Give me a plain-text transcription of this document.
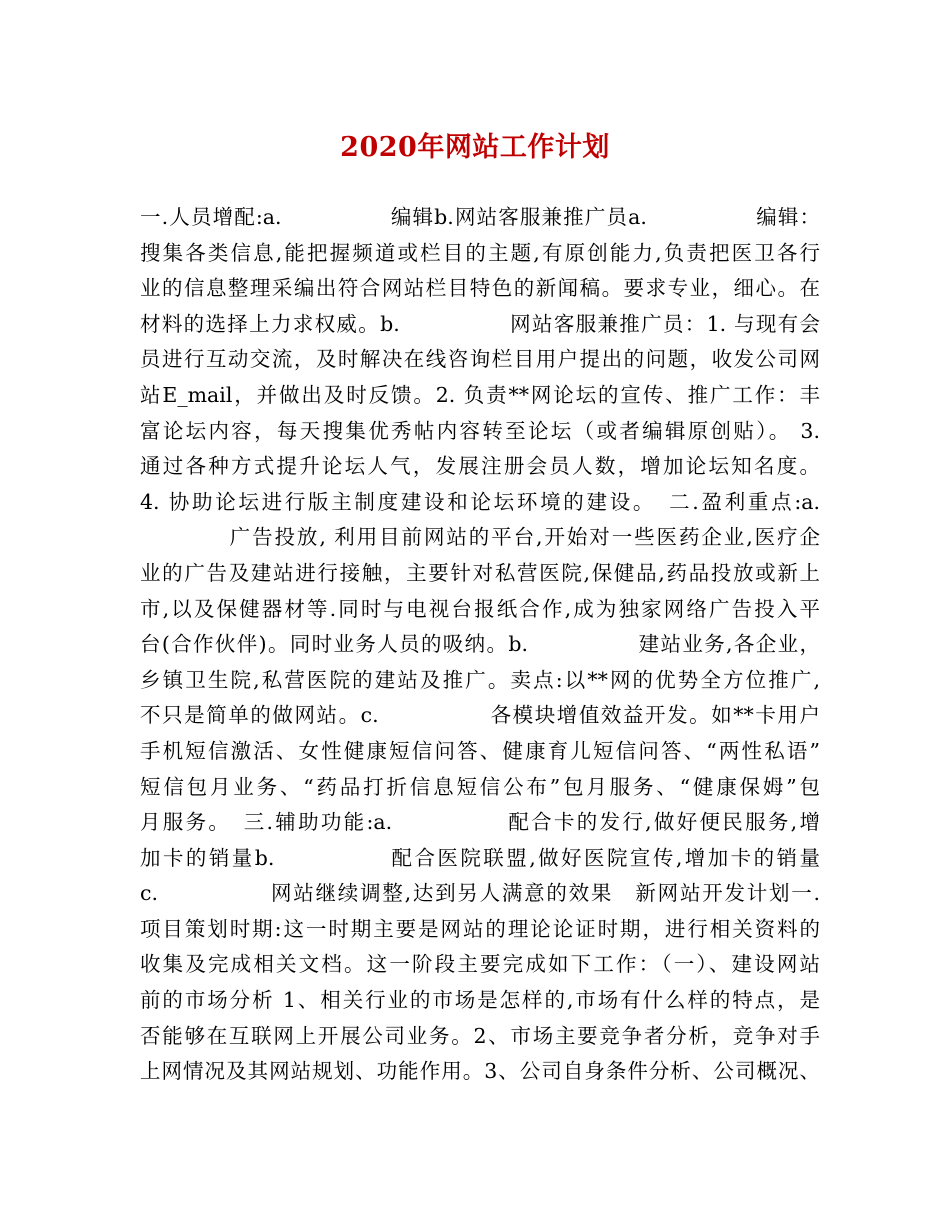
2020年网站工作计划
一.人员增配:a.　　　　　编辑b.网站客服兼推广员a.　　　　　编辑：
搜集各类信息,能把握频道或栏目的主题,有原创能力,负责把医卫各行
业的信息整理采编出符合网站栏目特色的新闻稿。要求专业，细心。在
材料的选择上力求权威。b.　　　　　网站客服兼推广员：1. 与现有会
员进行互动交流，及时解决在线咨询栏目用户提出的问题，收发公司网
站E_mail，并做出及时反馈。2. 负责**网论坛的宣传、推广工作：丰
富论坛内容，每天搜集优秀帖内容转至论坛（或者编辑原创贴）。 3.
通过各种方式提升论坛人气，发展注册会员人数，增加论坛知名度。
4. 协助论坛进行版主制度建设和论坛环境的建设。　二.盈利重点:a.
　　　　广告投放, 利用目前网站的平台,开始对一些医药企业,医疗企
业的广告及建站进行接触，主要针对私营医院,保健品,药品投放或新上
市,以及保健器材等.同时与电视台报纸合作,成为独家网络广告投入平
台(合作伙伴)。同时业务人员的吸纳。b.　　　　　建站业务,各企业，
乡镇卫生院,私营医院的建站及推广。卖点:以**网的优势全方位推广,
不只是简单的做网站。c.　　　　　各模块增值效益开发。如**卡用户
手机短信激活、女性健康短信问答、健康育儿短信问答、“两性私语”
短信包月业务、“药品打折信息短信公布”包月服务、“健康保姆”包
月服务。　三.辅助功能:a.　　　　　配合卡的发行,做好便民服务,增
加卡的销量b.　　　　　配合医院联盟,做好医院宣传,增加卡的销量
c.　　　　　网站继续调整,达到另人满意的效果　新网站开发计划一.
项目策划时期:这一时期主要是网站的理论论证时期，进行相关资料的
收集及完成相关文档。这一阶段主要完成如下工作：（一）、建设网站
前的市场分析 1、相关行业的市场是怎样的,市场有什么样的特点，是
否能够在互联网上开展公司业务。2、市场主要竞争者分析，竞争对手
上网情况及其网站规划、功能作用。3、公司自身条件分析、公司概况、
